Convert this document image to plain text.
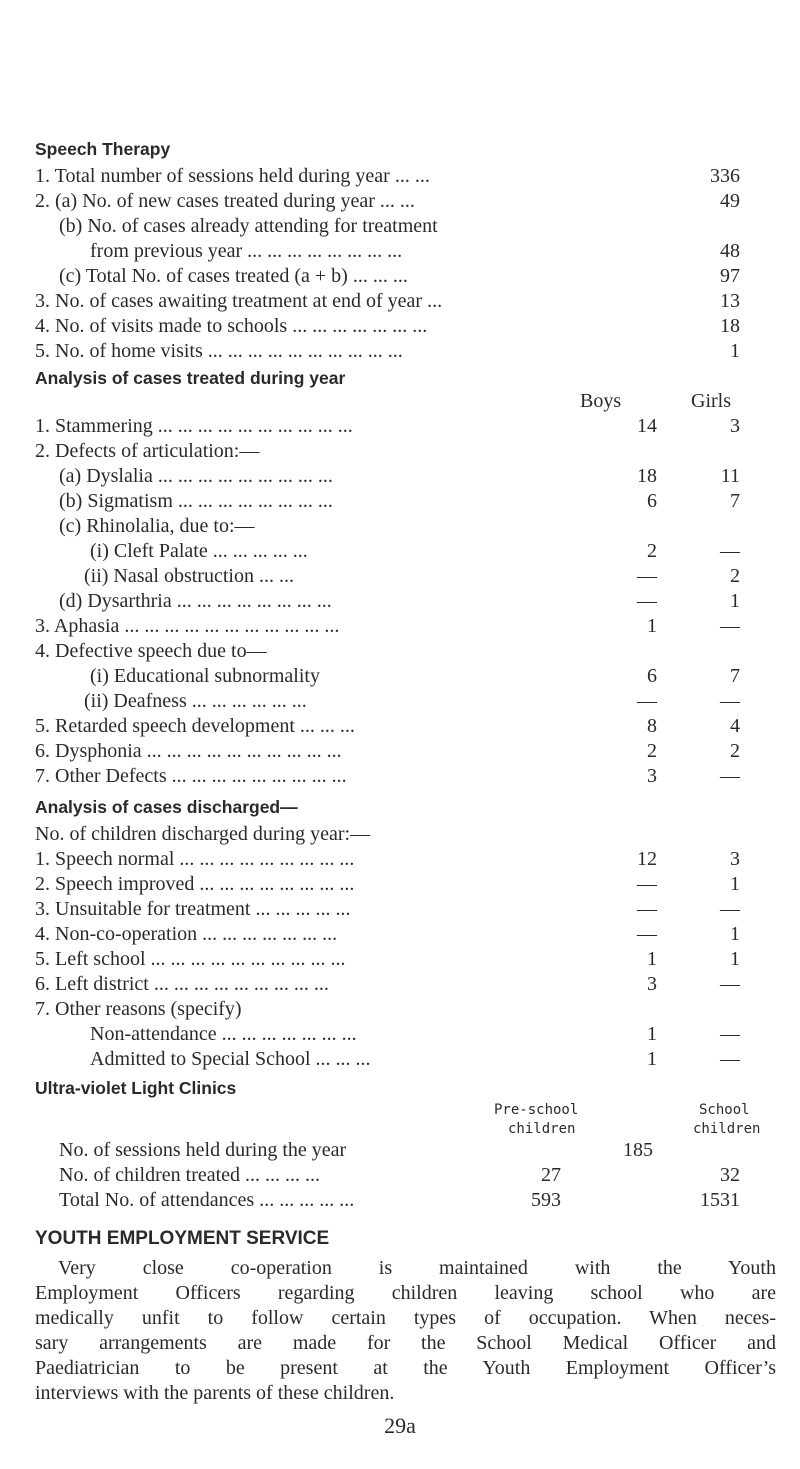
Speech Therapy
1. Total number of sessions held during year ... ...	336
2. (a) No. of new cases treated during year ... ...	49
(b) No. of cases already attending for treatment
from previous year ... ... ... ... ... ... ... ...	48
(c) Total No. of cases treated (a + b) ... ... ...	97
3. No. of cases awaiting treatment at end of year ...	13
4. No. of visits made to schools ... ... ... ... ... ... ...	18
5. No. of home visits ... ... ... ... ... ... ... ... ... ...	1
Analysis of cases treated during year
Boys	Girls
1. Stammering ... ... ... ... ... ... ... ... ... ...	14	3
2. Defects of articulation:—
(a) Dyslalia ... ... ... ... ... ... ... ... ...	18	11
(b) Sigmatism ... ... ... ... ... ... ... ...	6	7
(c) Rhinolalia, due to:—
(i) Cleft Palate ... ... ... ... ...	2	—
(ii) Nasal obstruction ... ...	—	2
(d) Dysarthria ... ... ... ... ... ... ... ...	—	1
3. Aphasia ... ... ... ... ... ... ... ... ... ... ...	1	—
4. Defective speech due to—
(i) Educational subnormality	6	7
(ii) Deafness ... ... ... ... ... ...	—	—
5. Retarded speech development ... ... ...	8	4
6. Dysphonia ... ... ... ... ... ... ... ... ... ...	2	2
7. Other Defects ... ... ... ... ... ... ... ... ...	3	—
Analysis of cases discharged—
No. of children discharged during year:—
1. Speech normal ... ... ... ... ... ... ... ... ...	12	3
2. Speech improved ... ... ... ... ... ... ... ...	—	1
3. Unsuitable for treatment ... ... ... ... ...	—	—
4. Non-co-operation ... ... ... ... ... ... ...	—	1
5. Left school ... ... ... ... ... ... ... ... ... ...	1	1
6. Left district ... ... ... ... ... ... ... ... ...	3	—
7. Other reasons (specify)
Non-attendance ... ... ... ... ... ... ...	1	—
Admitted to Special School ... ... ...	1	—
Ultra-violet Light Clinics
Pre-school
children
School
children
No. of sessions held during the year	185
No. of children treated ... ... ... ...	27	32
Total No. of attendances ... ... ... ... ...	593	1531
YOUTH EMPLOYMENT SERVICE
Very close co-operation is maintained with the Youth
Employment Officers regarding children leaving school who are
medically unfit to follow certain types of occupation. When neces-
sary arrangements are made for the School Medical Officer and
Paediatrician to be present at the Youth Employment Officer’s
interviews with the parents of these children.
29a
